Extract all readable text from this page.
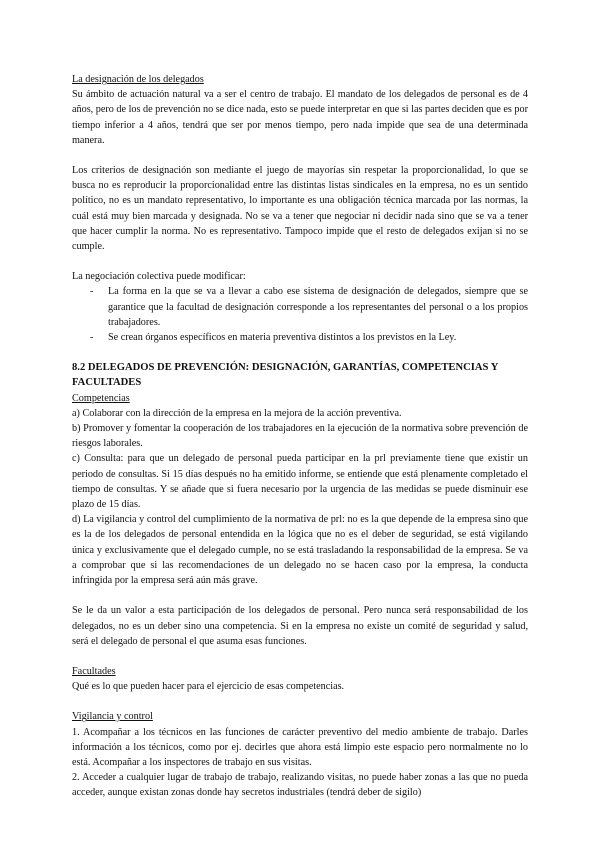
La designación de los delegados

Su ámbito de actuación natural va a ser el centro de trabajo. El mandato de los delegados de personal es de 4 años, pero de los de prevención no se dice nada, esto se puede interpretar en que si las partes deciden que es por tiempo inferior a 4 años, tendrá que ser por menos tiempo, pero nada impide que sea de una determinada manera.

Los criterios de designación son mediante el juego de mayorías sin respetar la proporcionalidad, lo que se busca no es reproducir la proporcionalidad entre las distintas listas sindicales en la empresa, no es un sentido político, no es un mandato representativo, lo importante es una obligación técnica marcada por las normas, la cuál está muy bien marcada y designada. No se va a tener que negociar ni decidir nada sino que se va a tener que hacer cumplir la norma. No es representativo. Tampoco impide que el resto de delegados exijan si no se cumple.

La negociación colectiva puede modificar:

- La forma en la que se va a llevar a cabo ese sistema de designación de delegados, siempre que se garantice que la facultad de designación corresponde a los representantes del personal o a los propios trabajadores.
- Se crean órganos específicos en materia preventiva distintos a los previstos en la Ley.

8.2 DELEGADOS DE PREVENCIÓN: DESIGNACIÓN, GARANTÍAS, COMPETENCIAS Y FACULTADES

Competencias

a) Colaborar con la dirección de la empresa en la mejora de la acción preventiva.

b) Promover y fomentar la cooperación de los trabajadores en la ejecución de la normativa sobre prevención de riesgos laborales.

c) Consulta: para que un delegado de personal pueda participar en la prl previamente tiene que existir un periodo de consultas. Si 15 días después no ha emitido informe, se entiende que está plenamente completado el tiempo de consultas. Y se añade que si fuera necesario por la urgencia de las medidas se puede disminuir ese plazo de 15 días.

d) La vigilancia y control del cumplimiento de la normativa de prl: no es la que depende de la empresa sino que es la de los delegados de personal entendida en la lógica que no es el deber de seguridad, se está vigilando única y exclusivamente que el delegado cumple, no se está trasladando la responsabilidad de la empresa. Se va a comprobar que si las recomendaciones de un delegado no se hacen caso por la empresa, la conducta infringida por la empresa será aún más grave.

Se le da un valor a esta participación de los delegados de personal. Pero nunca será responsabilidad de los delegados, no es un deber sino una competencia. Si en la empresa no existe un comité de seguridad y salud, será el delegado de personal el que asuma esas funciones.

Facultades

Qué es lo que pueden hacer para el ejercicio de esas competencias.

Vigilancia y control

1. Acompañar a los técnicos en las funciones de carácter preventivo del medio ambiente de trabajo. Darles información a los técnicos, como por ej. decirles que ahora está limpio este espacio pero normalmente no lo está. Acompañar a los inspectores de trabajo en sus visitas.

2. Acceder a cualquier lugar de trabajo de trabajo, realizando visitas, no puede haber zonas a las que no pueda acceder, aunque existan zonas donde hay secretos industriales (tendrá deber de sigilo)
